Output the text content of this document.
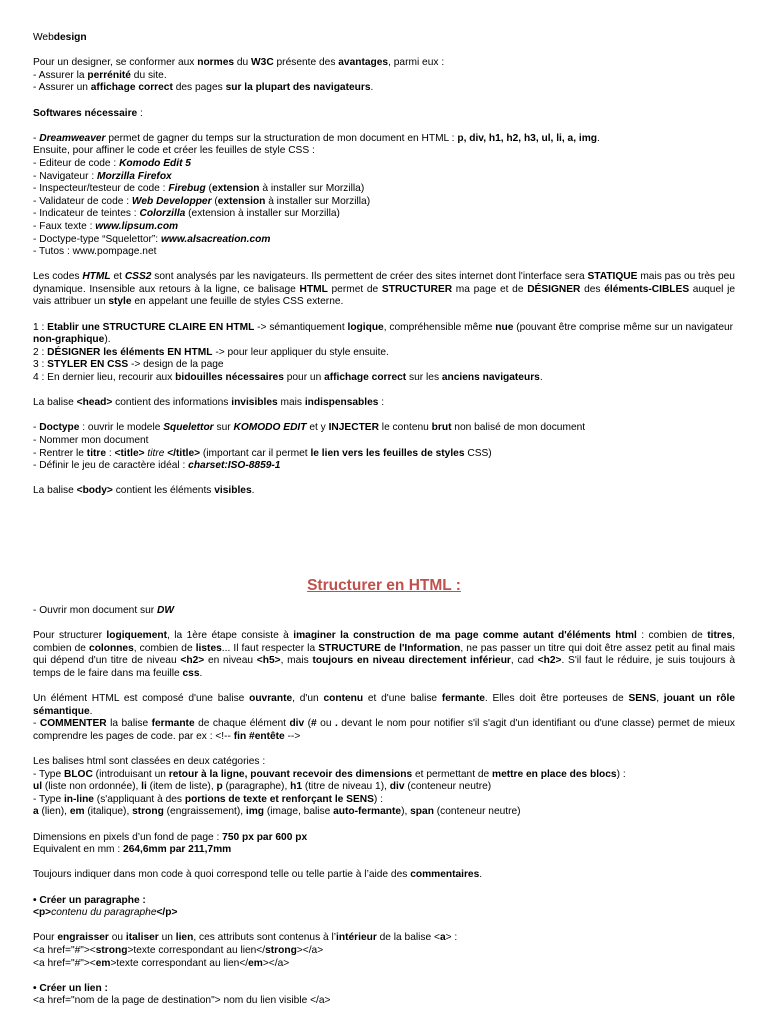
Webdesign

Pour un designer, se conformer aux normes du W3C présente des avantages, parmi eux :

- Assurer la perrénité du site.

- Assurer un affichage correct des pages sur la plupart des navigateurs.

Softwares nécessaire :

- Dreamweaver permet de gagner du temps sur la structuration de mon document en HTML : p, div, h1, h2, h3, ul, li, a, img.

Ensuite, pour affiner le code et créer les feuilles de style CSS :

- Editeur de code : Komodo Edit 5

- Navigateur : Morzilla Firefox

- Inspecteur/testeur de code : Firebug (extension à installer sur Morzilla)

- Validateur de code : Web Developper (extension à installer sur Morzilla)

- Indicateur de teintes : Colorzilla (extension à installer sur Morzilla)

- Faux texte : www.lipsum.com

- Doctype-type “Squelettor”: www.alsacreation.com

- Tutos : www.pompage.net

Les codes HTML et CSS2 sont analysés par les navigateurs. Ils permettent de créer des sites internet dont l'interface sera STATIQUE mais pas ou très peu dynamique. Insensible aux retours à la ligne, ce balisage HTML permet de STRUCTURER ma page et de DÉSIGNER des éléments-CIBLES auquel je vais attribuer un style en appelant une feuille de styles CSS externe.

1 : Etablir une STRUCTURE CLAIRE EN HTML -> sémantiquement logique, compréhensible même nue (pouvant être comprise même sur un navigateur non-graphique).

2 : DÉSIGNER les éléments EN HTML -> pour leur appliquer du style ensuite.

3 : STYLER EN CSS -> design de la page

4 : En dernier lieu, recourir aux bidouilles nécessaires pour un affichage correct sur les anciens navigateurs.

La balise <head> contient des informations invisibles mais indispensables :

- Doctype : ouvrir le modele Squelettor sur KOMODO EDIT et y INJECTER le contenu brut non balisé de mon document

- Nommer mon document

- Rentrer le titre : <title> titre </title> (important car il permet le lien vers les feuilles de styles CSS)

- Définir le jeu de caractère idéal : charset:ISO-8859-1

La balise <body> contient les éléments visibles.

Structurer en HTML :

- Ouvrir mon document sur DW

Pour structurer logiquement, la 1ère étape consiste à imaginer la construction de ma page comme autant d'éléments html : combien de titres, combien de colonnes, combien de listes... Il faut respecter la STRUCTURE de l'Information, ne pas passer un titre qui doit être assez petit au final mais qui dépend d'un titre de niveau <h2> en niveau <h5>, mais toujours en niveau directement inférieur, cad <h2>. S'il faut le réduire, je suis toujours à temps de le faire dans ma feuille css.

Un élément HTML est composé d'une balise ouvrante, d'un contenu et d'une balise fermante. Elles doit être porteuses de SENS, jouant un rôle sémantique.

- COMMENTER la balise fermante de chaque élément div (# ou . devant le nom pour notifier s'il s'agit d'un identifiant ou d'une classe) permet de mieux comprendre les pages de code. par ex : <!-- fin #entête -->

Les balises html sont classées en deux catégories :

- Type BLOC (introduisant un retour à la ligne, pouvant recevoir des dimensions et permettant de mettre en place des blocs) :

ul (liste non ordonnée), li (item de liste), p (paragraphe), h1 (titre de niveau 1), div (conteneur neutre)

- Type in-line (s'appliquant à des portions de texte et renforçant le SENS) :

a (lien), em (italique), strong (engraissement), img (image, balise auto-fermante), span (conteneur neutre)

Dimensions en pixels d’un fond de page : 750 px par 600 px

Equivalent en mm : 264,6mm par 211,7mm

Toujours indiquer dans mon code à quoi correspond telle ou telle partie à l’aide des commentaires.

• Créer un paragraphe :

<p>contenu du paragraphe</p>

Pour engraisser ou italiser un lien, ces attributs sont contenus à l’intérieur de la balise <a> :

<a href="#"><strong>texte correspondant au lien</strong></a>

<a href="#"><em>texte correspondant au lien</em></a>

• Créer un lien :

<a href="nom de la page de destination"> nom du lien visible </a>
